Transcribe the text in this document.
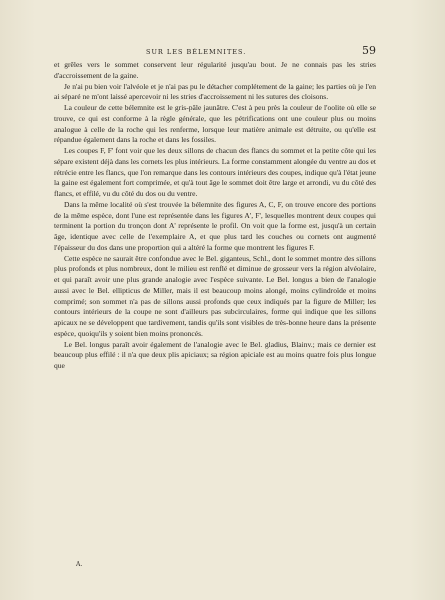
SUR LES BÉLEMNITES.	59

et grêles vers le sommet conservent leur régularité jusqu'au bout. Je ne connais pas les stries d'accroissement de la gaine.

Je n'ai pu bien voir l'alvéole et je n'ai pas pu le détacher complétement de la gaine; les parties où je l'en ai séparé ne m'ont laissé apercevoir ni les stries d'accroissement ni les sutures des cloisons.

La couleur de cette bélemnite est le gris-pâle jaunâtre. C'est à peu près la couleur de l'oolite où elle se trouve, ce qui est conforme à la règle générale, que les pétrifications ont une couleur plus ou moins analogue à celle de la roche qui les renferme, lorsque leur matière animale est détruite, ou qu'elle est répandue également dans la roche et dans les fossiles.

Les coupes F, F' font voir que les deux sillons de chacun des flancs du sommet et la petite côte qui les sépare existent déjà dans les cornets les plus intérieurs. La forme constamment alongée du ventre au dos et rétrécie entre les flancs, que l'on remarque dans les contours intérieurs des coupes, indique qu'à l'état jeune la gaine est également fort comprimée, et qu'à tout âge le sommet doit être large et arrondi, vu du côté des flancs, et effilé, vu du côté du dos ou du ventre.

Dans la même localité où s'est trouvée la bélemnite des figures A, C, F, on trouve encore des portions de la même espèce, dont l'une est représentée dans les figures A', F', lesquelles montrent deux coupes qui terminent la portion du tronçon dont A' représente le profil. On voit que la forme est, jusqu'à un certain âge, identique avec celle de l'exemplaire A, et que plus tard les couches ou cornets ont augmenté l'épaisseur du dos dans une proportion qui a altéré la forme que montrent les figures F.

Cette espèce ne saurait être confondue avec le Bel. giganteus, Schl., dont le sommet montre des sillons plus profonds et plus nombreux, dont le milieu est renflé et diminue de grosseur vers la région alvéolaire, et qui paraît avoir une plus grande analogie avec l'espèce suivante. Le Bel. longus a bien de l'analogie aussi avec le Bel. ellipticus de Miller, mais il est beaucoup moins alongé, moins cylindroïde et moins comprimé; son sommet n'a pas de sillons aussi profonds que ceux indiqués par la figure de Miller; les contours intérieurs de la coupe ne sont d'ailleurs pas subcirculaires, forme qui indique que les sillons apicaux ne se développent que tardivement, tandis qu'ils sont visibles de très-bonne heure dans la présente espèce, quoiqu'ils y soient bien moins prononcés.

Le Bel. longus paraît avoir également de l'analogie avec le Bel. gladius, Blainv.; mais ce dernier est beaucoup plus effilé : il n'a que deux plis apiciaux; sa région apiciale est au moins quatre fois plus longue que

A.
